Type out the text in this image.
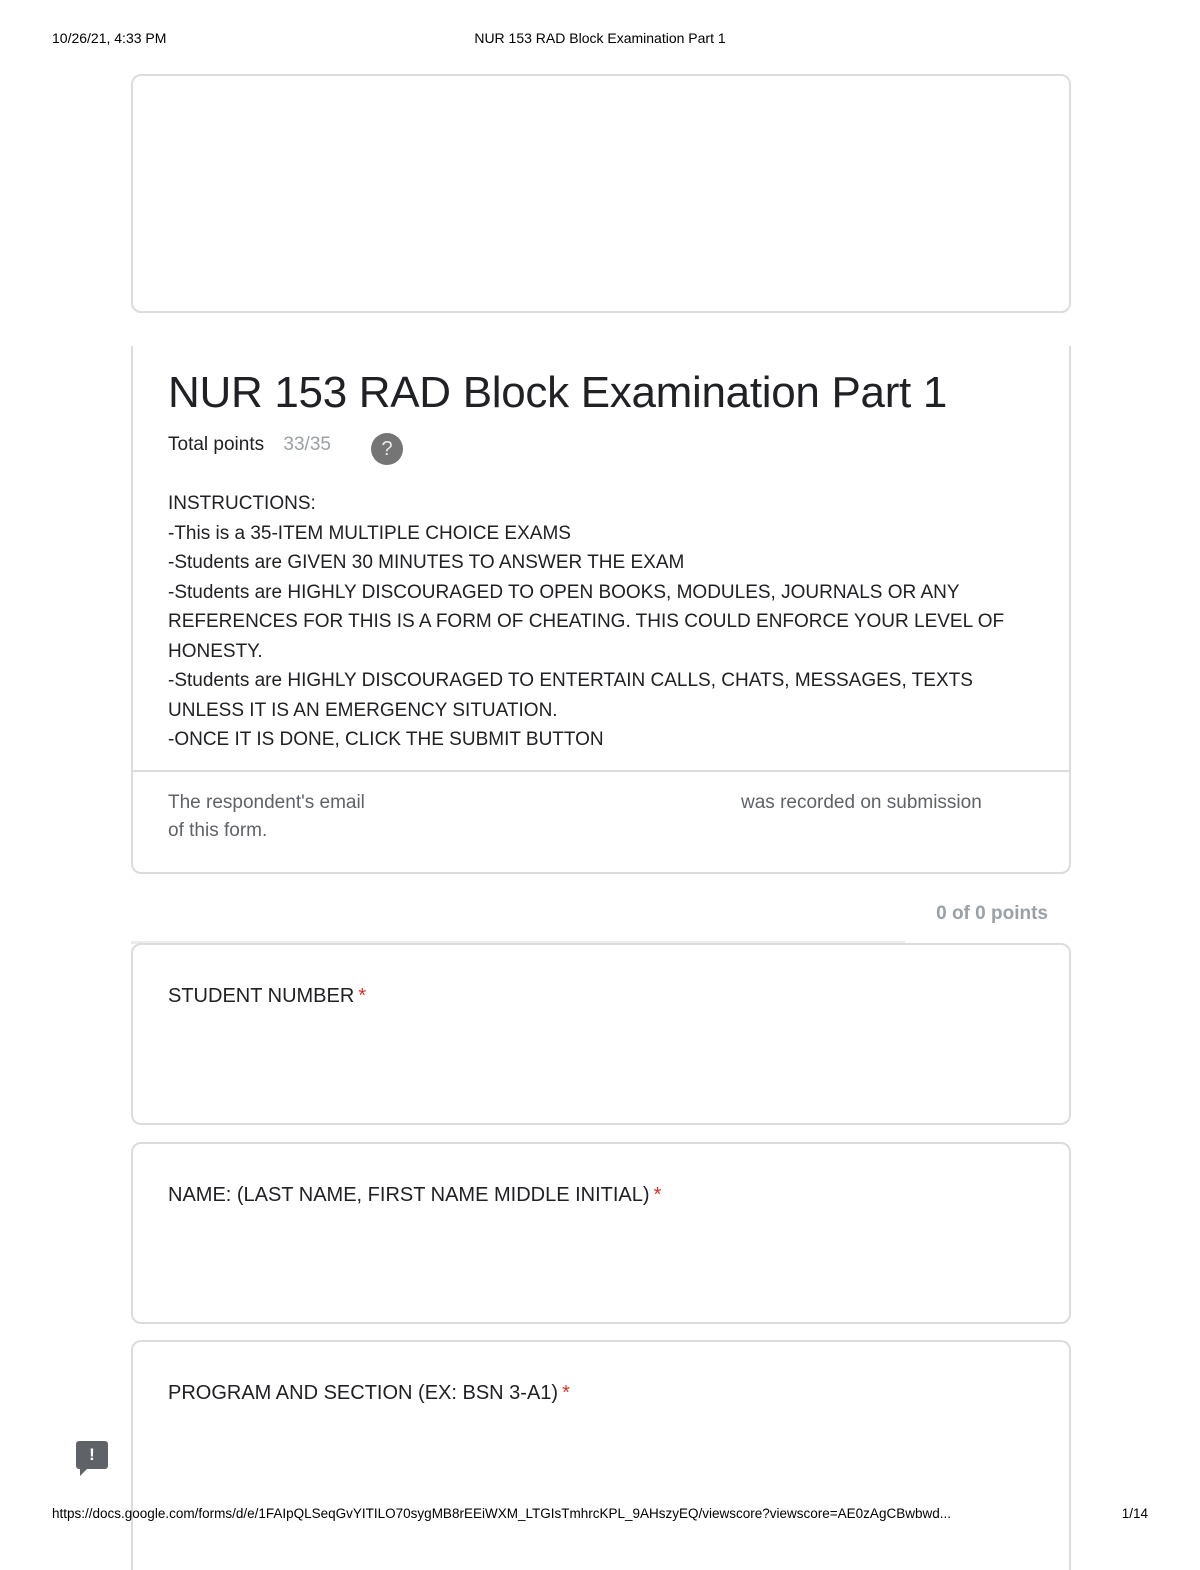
10/26/21, 4:33 PM	NUR 153 RAD Block Examination Part 1
NUR 153 RAD Block Examination Part 1
Total points 33/35	?

INSTRUCTIONS:

-This is a 35-ITEM MULTIPLE CHOICE EXAMS

-Students are GIVEN 30 MINUTES TO ANSWER THE EXAM

-Students are HIGHLY DISCOURAGED TO OPEN BOOKS, MODULES, JOURNALS OR ANY REFERENCES FOR THIS IS A FORM OF CHEATING. THIS COULD ENFORCE YOUR LEVEL OF HONESTY.

-Students are HIGHLY DISCOURAGED TO ENTERTAIN CALLS, CHATS, MESSAGES, TEXTS UNLESS IT IS AN EMERGENCY SITUATION.

-ONCE IT IS DONE, CLICK THE SUBMIT BUTTON

The respondent's email	was recorded on submission

of this form.
0 of 0 points
STUDENT NUMBER *
NAME: (LAST NAME, FIRST NAME MIDDLE INITIAL) *
PROGRAM AND SECTION (EX: BSN 3-A1) *
!
https://docs.google.com/forms/d/e/1FAIpQLSeqGvYITILO70sygMB8rEEiWXM_LTGIsTmhrcKPL_9AHszyEQ/viewscore?viewscore=AE0zAgCBwbwd...	1/14
